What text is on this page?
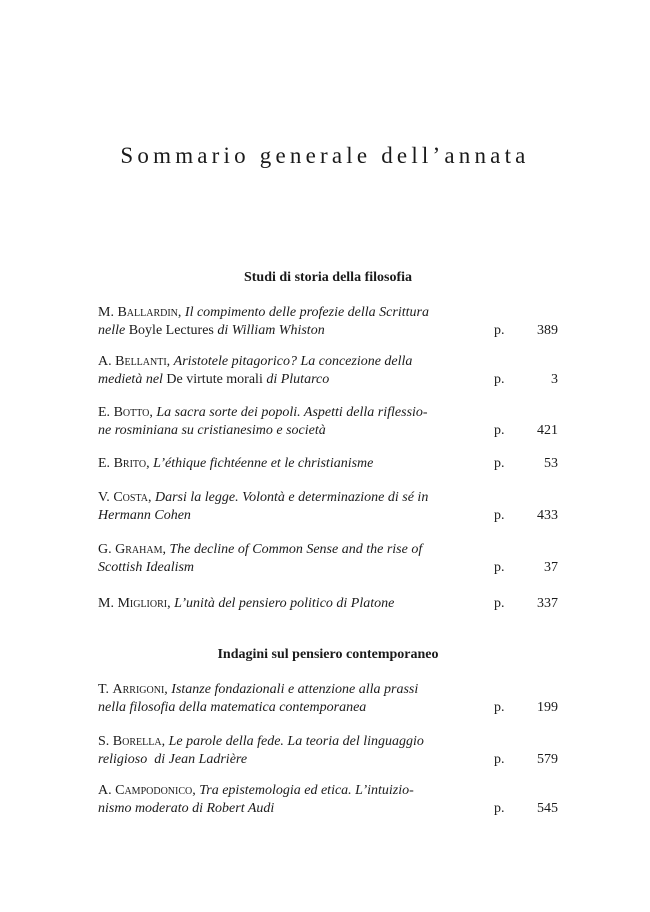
Sommario generale dell’annata
Studi di storia della filosofia
M. Ballardin, Il compimento delle profezie della Scrittura
nelle Boyle Lectures di William Whiston	p. 389
A. Bellanti, Aristotele pitagorico? La concezione della
medietà nel De virtute morali di Plutarco	p.	3
E. Botto, La sacra sorte dei popoli. Aspetti della riflessio-
ne rosminiana su cristianesimo e società	p. 421
E. Brito, L’éthique fichtéenne et le christianisme	p.	53
V. Costa, Darsi la legge. Volontà e determinazione di sé in
Hermann Cohen	p. 433
G. Graham, The decline of Common Sense and the rise of
Scottish Idealism	p.	37
M. Migliori, L’unità del pensiero politico di Platone	p. 337
Indagini sul pensiero contemporaneo
T. Arrigoni, Istanze fondazionali e attenzione alla prassi
nella filosofia della matematica contemporanea	p. 199
S. Borella, Le parole della fede. La teoria del linguaggio
religioso  di Jean Ladrière	p. 579
A. Campodonico, Tra epistemologia ed etica. L’intuizio-
nismo moderato di Robert Audi	p. 545
